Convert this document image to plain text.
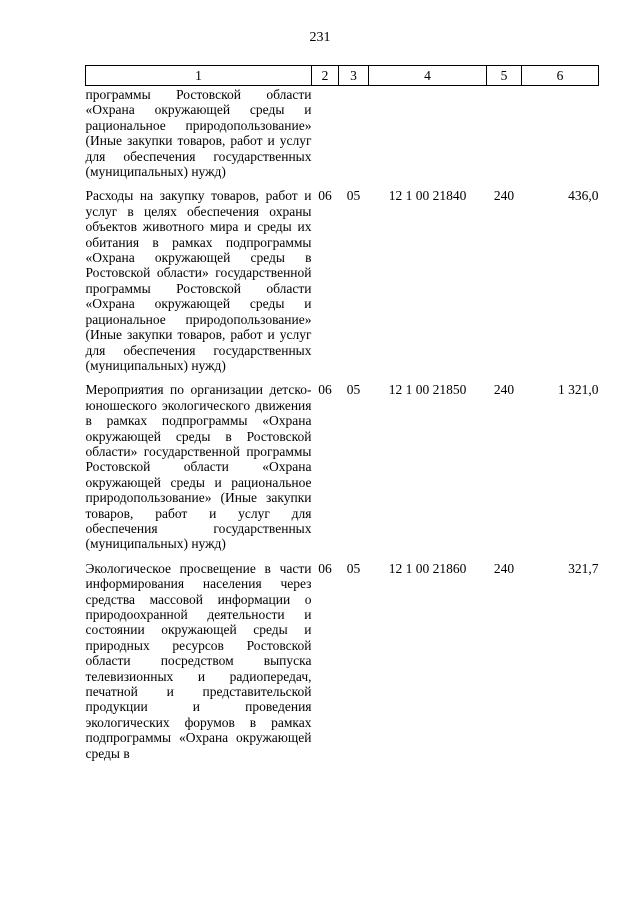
231
1	2	3	4	5	6

программы Ростовской области «Охрана окружающей среды и рациональное природопользование» (Иные закупки товаров, работ и услуг для обеспечения государственных (муниципальных) нужд)					

Расходы на закупку товаров, работ и услуг в целях обеспечения охраны объектов животного мира и среды их обитания в рамках подпрограммы «Охрана окружающей среды в Ростовской области» государственной программы Ростовской области «Охрана окружающей среды и рациональное природопользование» (Иные закупки товаров, работ и услуг для обеспечения государственных (муниципальных) нужд)	06	05	12 1 00 21840	240	436,0

Мероприятия по организации детско-юношеского экологического движения в рамках подпрограммы «Охрана окружающей среды в Ростовской области» государственной программы Ростовской области «Охрана окружающей среды и рациональное природопользование» (Иные закупки товаров, работ и услуг для обеспечения государственных (муниципальных) нужд)	06	05	12 1 00 21850	240	1 321,0

Экологическое просвещение в части информирования населения через средства массовой информации о природоохранной деятельности и состоянии окружающей среды и природных ресурсов Ростовской области посредством выпуска телевизионных и радиопередач, печатной и представительской продукции и проведения экологических форумов в рамках подпрограммы «Охрана окружающей среды в	06	05	12 1 00 21860	240	321,7
